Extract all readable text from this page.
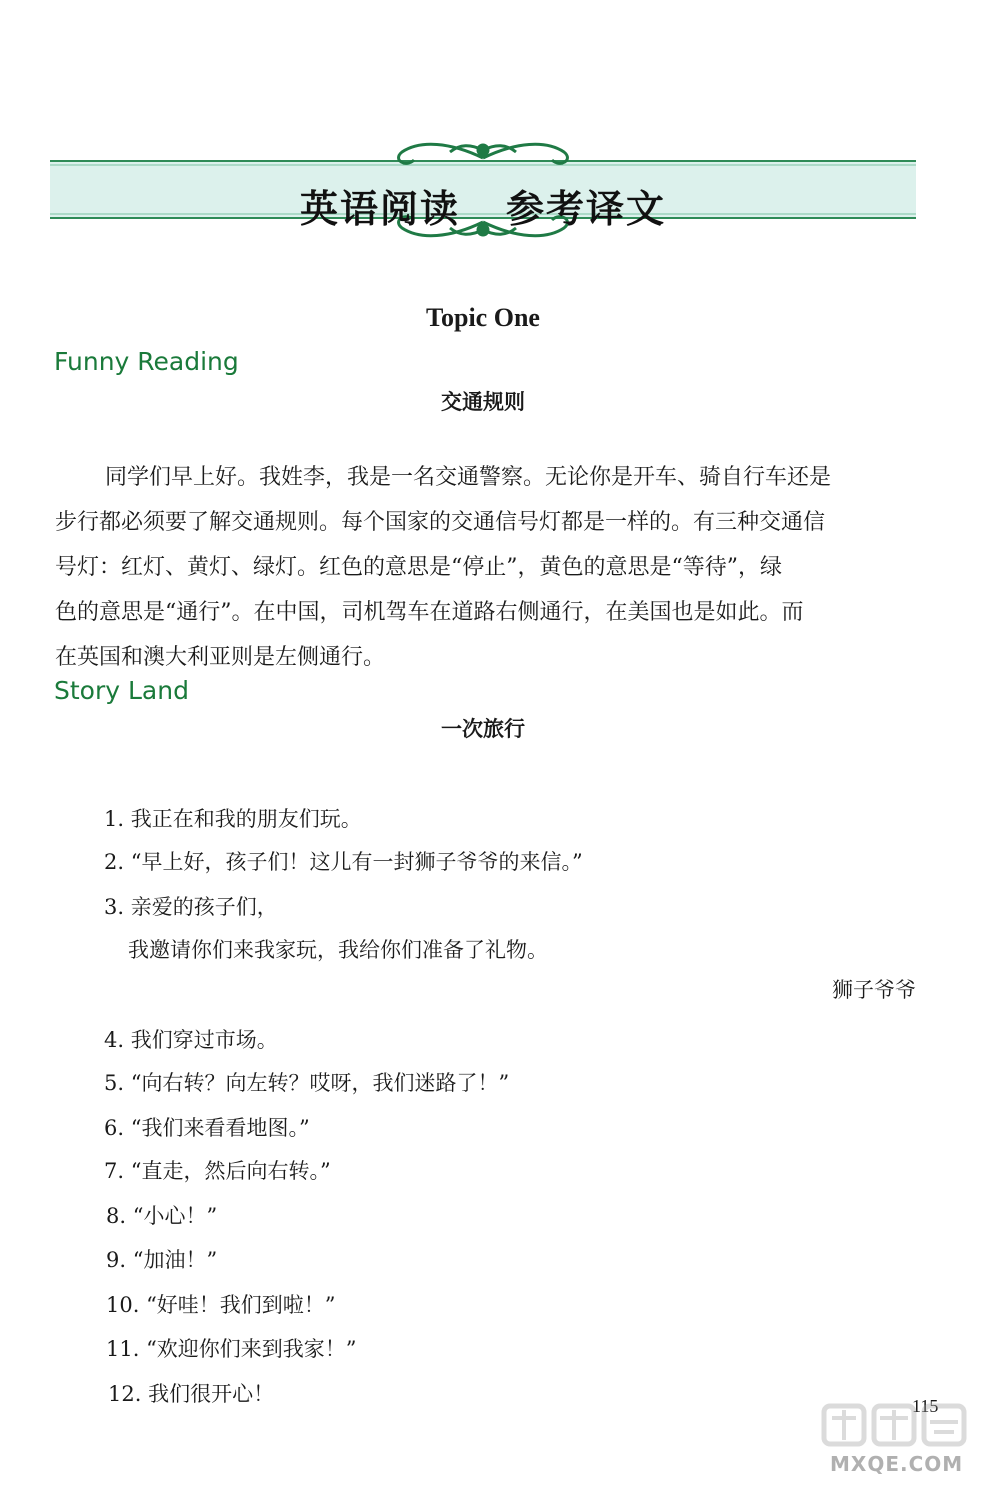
英语阅读 参考译文
Topic One
Funny Reading
交通规则
同学们早上好。我姓李，我是一名交通警察。无论你是开车、骑自行车还是
步行都必须要了解交通规则。每个国家的交通信号灯都是一样的。有三种交通信
号灯：红灯、黄灯、绿灯。红色的意思是“停止”，黄色的意思是“等待”，绿
色的意思是“通行”。在中国，司机驾车在道路右侧通行，在美国也是如此。而
在英国和澳大利亚则是左侧通行。
Story Land
一次旅行
1. 我正在和我的朋友们玩。
2. “早上好，孩子们！这儿有一封狮子爷爷的来信。”
3. 亲爱的孩子们，
我邀请你们来我家玩，我给你们准备了礼物。
狮子爷爷
4. 我们穿过市场。
5. “向右转？向左转？哎呀，我们迷路了！”
6. “我们来看看地图。”
7. “直走，然后向右转。”
8. “小心！”
9. “加油！”
10. “好哇！我们到啦！”
11. “欢迎你们来到我家！”
12. 我们很开心！	115
MXQE.COM
